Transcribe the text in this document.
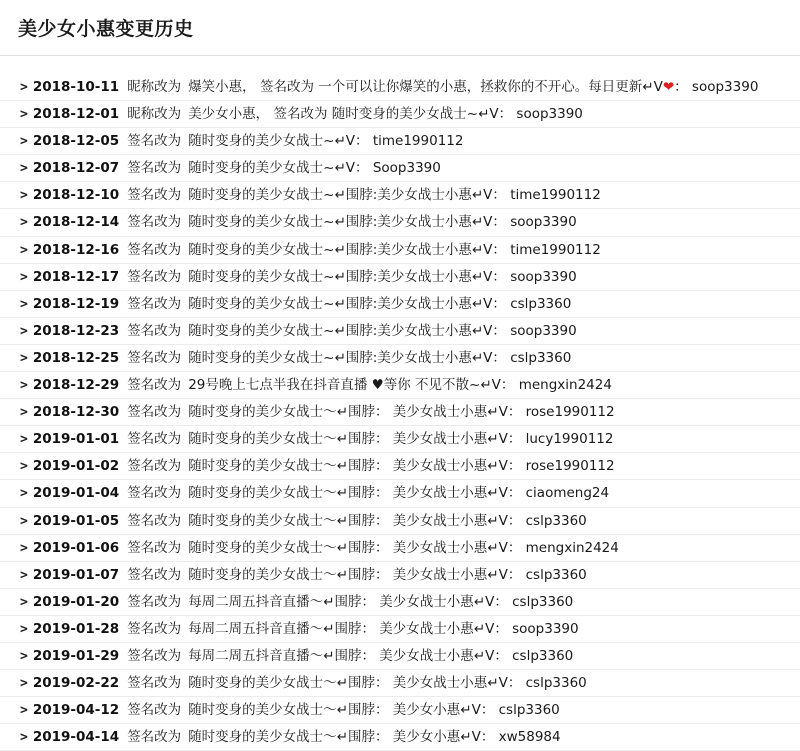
美少女小惠变更历史
> 2018-10-11 昵称改为 爆笑小惠， 签名改为 一个可以让你爆笑的小惠，拯救你的不开心。每日更新↵V❤： soop3390
> 2018-12-01 昵称改为 美少女小惠， 签名改为 随时变身的美少女战士~↵V： soop3390
> 2018-12-05 签名改为 随时变身的美少女战士~↵V： time1990112
> 2018-12-07 签名改为 随时变身的美少女战士~↵V： Soop3390
> 2018-12-10 签名改为 随时变身的美少女战士~↵围脖:美少女战士小惠↵V： time1990112
> 2018-12-14 签名改为 随时变身的美少女战士~↵围脖:美少女战士小惠↵V： soop3390
> 2018-12-16 签名改为 随时变身的美少女战士~↵围脖:美少女战士小惠↵V： time1990112
> 2018-12-17 签名改为 随时变身的美少女战士~↵围脖:美少女战士小惠↵V： soop3390
> 2018-12-19 签名改为 随时变身的美少女战士~↵围脖:美少女战士小惠↵V： cslp3360
> 2018-12-23 签名改为 随时变身的美少女战士~↵围脖:美少女战士小惠↵V： soop3390
> 2018-12-25 签名改为 随时变身的美少女战士~↵围脖:美少女战士小惠↵V： cslp3360
> 2018-12-29 签名改为 29号晚上七点半我在抖音直播 ♥等你 不见不散~↵V： mengxin2424
> 2018-12-30 签名改为 随时变身的美少女战士～↵围脖： 美少女战士小惠↵V： rose1990112
> 2019-01-01 签名改为 随时变身的美少女战士～↵围脖： 美少女战士小惠↵V： lucy1990112
> 2019-01-02 签名改为 随时变身的美少女战士～↵围脖： 美少女战士小惠↵V： rose1990112
> 2019-01-04 签名改为 随时变身的美少女战士～↵围脖： 美少女战士小惠↵V： ciaomeng24
> 2019-01-05 签名改为 随时变身的美少女战士～↵围脖： 美少女战士小惠↵V： cslp3360
> 2019-01-06 签名改为 随时变身的美少女战士～↵围脖： 美少女战士小惠↵V： mengxin2424
> 2019-01-07 签名改为 随时变身的美少女战士～↵围脖： 美少女战士小惠↵V： cslp3360
> 2019-01-20 签名改为 每周二周五抖音直播～↵围脖： 美少女战士小惠↵V： cslp3360
> 2019-01-28 签名改为 每周二周五抖音直播～↵围脖： 美少女战士小惠↵V： soop3390
> 2019-01-29 签名改为 每周二周五抖音直播～↵围脖： 美少女战士小惠↵V： cslp3360
> 2019-02-22 签名改为 随时变身的美少女战士～↵围脖： 美少女战士小惠↵V： cslp3360
> 2019-04-12 签名改为 随时变身的美少女战士～↵围脖： 美少女小惠↵V： cslp3360
> 2019-04-14 签名改为 随时变身的美少女战士～↵围脖： 美少女小惠↵V： xw58984
